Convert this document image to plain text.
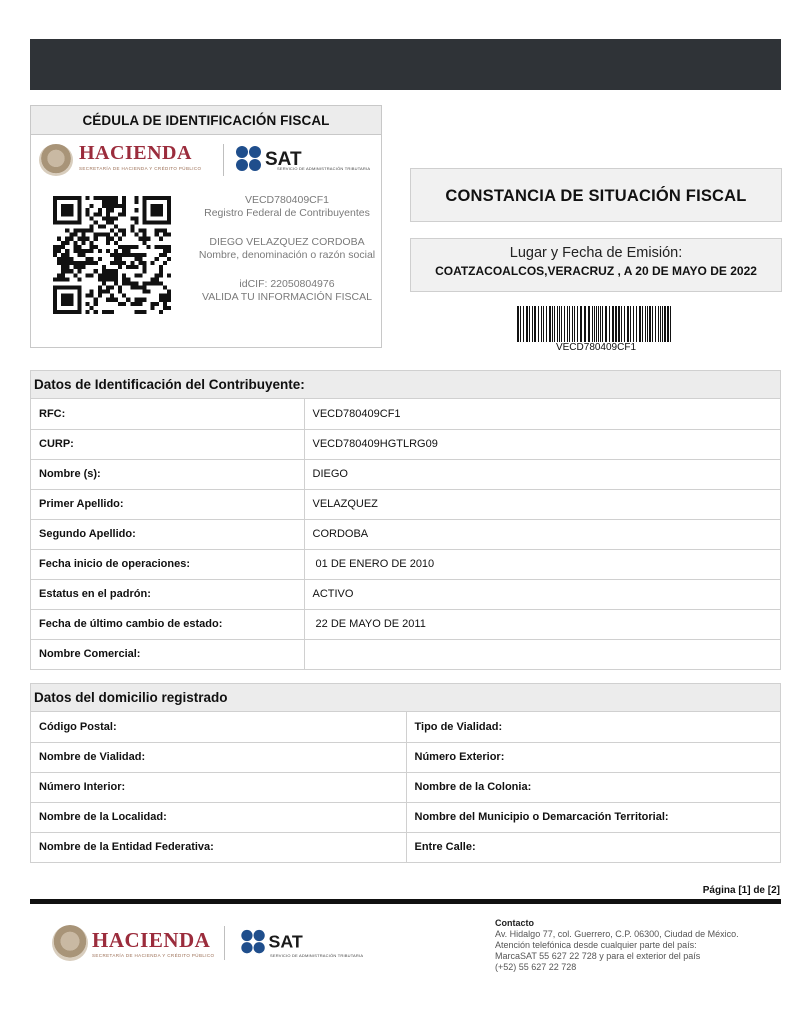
CÉDULA DE IDENTIFICACIÓN FISCAL
HACIENDA
SECRETARÍA DE HACIENDA Y CRÉDITO PÚBLICO	SAT
SERVICIO DE ADMINISTRACIÓN TRIBUTARIA
VECD780409CF1
Registro Federal de Contribuyentes
DIEGO VELAZQUEZ CORDOBA
Nombre, denominación o razón social
idCIF: 22050804976
VALIDA TU INFORMACIÓN FISCAL
CONSTANCIA DE SITUACIÓN FISCAL
Lugar y Fecha de Emisión:
COATZACOALCOS,VERACRUZ , A 20 DE MAYO DE 2022
VECD780409CF1
Datos de Identificación del Contribuyente:
RFC:	VECD780409CF1
CURP:	VECD780409HGTLRG09
Nombre (s):	DIEGO
Primer Apellido:	VELAZQUEZ
Segundo Apellido:	CORDOBA
Fecha inicio de operaciones:	01 DE ENERO DE 2010
Estatus en el padrón:	ACTIVO
Fecha de último cambio de estado:	22 DE MAYO DE 2011
Nombre Comercial:	
Datos del domicilio registrado
Código Postal:	Tipo de Vialidad:
Nombre de Vialidad:	Número Exterior:
Número Interior:	Nombre de la Colonia:
Nombre de la Localidad:	Nombre del Municipio o Demarcación Territorial:
Nombre de la Entidad Federativa:	Entre Calle:
Página [1] de [2]
HACIENDA
SECRETARÍA DE HACIENDA Y CRÉDITO PÚBLICO
SAT
SERVICIO DE ADMINISTRACIÓN TRIBUTARIA
Contacto
Av. Hidalgo 77, col. Guerrero, C.P. 06300, Ciudad de México.
Atención telefónica desde cualquier parte del país:
MarcaSAT 55 627 22 728 y para el exterior del país
(+52) 55 627 22 728
